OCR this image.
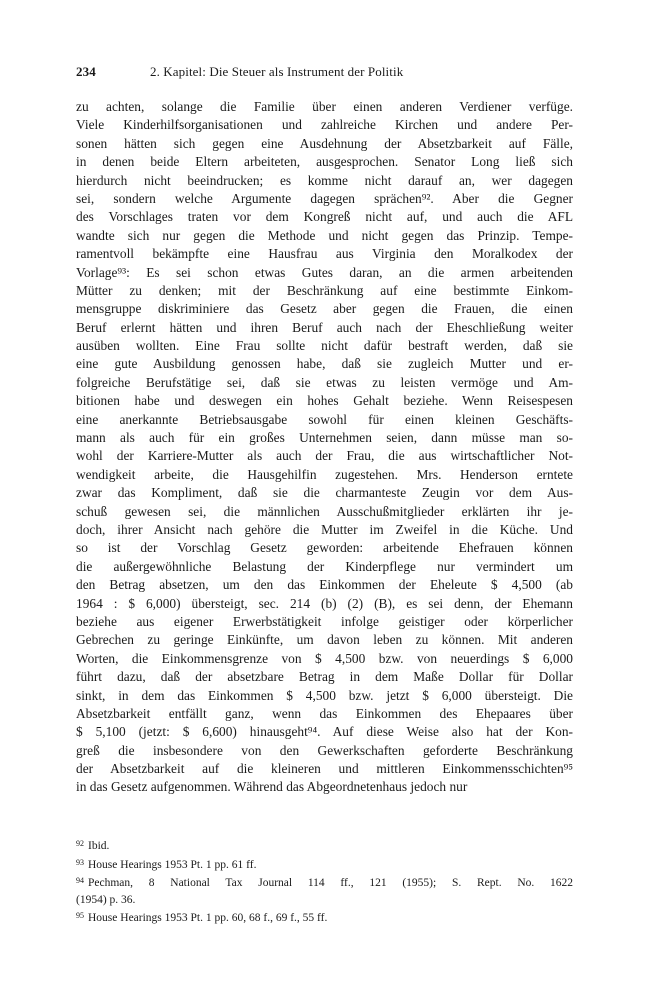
234	2. Kapitel: Die Steuer als Instrument der Politik
zu achten, solange die Familie über einen anderen Verdiener verfüge.
Viele Kinderhilfsorganisationen und zahlreiche Kirchen und andere Per-
sonen hätten sich gegen eine Ausdehnung der Absetzbarkeit auf Fälle,
in denen beide Eltern arbeiteten, ausgesprochen. Senator Long ließ sich
hierdurch nicht beeindrucken; es komme nicht darauf an, wer dagegen
sei, sondern welche Argumente dagegen sprächen⁹². Aber die Gegner
des Vorschlages traten vor dem Kongreß nicht auf, und auch die AFL
wandte sich nur gegen die Methode und nicht gegen das Prinzip. Tempe-
ramentvoll bekämpfte eine Hausfrau aus Virginia den Moralkodex der
Vorlage⁹³: Es sei schon etwas Gutes daran, an die armen arbeitenden
Mütter zu denken; mit der Beschränkung auf eine bestimmte Einkom-
mensgruppe diskriminiere das Gesetz aber gegen die Frauen, die einen
Beruf erlernt hätten und ihren Beruf auch nach der Eheschließung weiter
ausüben wollten. Eine Frau sollte nicht dafür bestraft werden, daß sie
eine gute Ausbildung genossen habe, daß sie zugleich Mutter und er-
folgreiche Berufstätige sei, daß sie etwas zu leisten vermöge und Am-
bitionen habe und deswegen ein hohes Gehalt beziehe. Wenn Reisespesen
eine anerkannte Betriebsausgabe sowohl für einen kleinen Geschäfts-
mann als auch für ein großes Unternehmen seien, dann müsse man so-
wohl der Karriere-Mutter als auch der Frau, die aus wirtschaftlicher Not-
wendigkeit arbeite, die Hausgehilfin zugestehen. Mrs. Henderson erntete
zwar das Kompliment, daß sie die charmanteste Zeugin vor dem Aus-
schuß gewesen sei, die männlichen Ausschußmitglieder erklärten ihr je-
doch, ihrer Ansicht nach gehöre die Mutter im Zweifel in die Küche. Und
so ist der Vorschlag Gesetz geworden: arbeitende Ehefrauen können
die außergewöhnliche Belastung der Kinderpflege nur vermindert um
den Betrag absetzen, um den das Einkommen der Eheleute $ 4,500 (ab
1964 : $ 6,000) übersteigt, sec. 214 (b) (2) (B), es sei denn, der Ehemann
beziehe aus eigener Erwerbstätigkeit infolge geistiger oder körperlicher
Gebrechen zu geringe Einkünfte, um davon leben zu können. Mit anderen
Worten, die Einkommensgrenze von $ 4,500 bzw. von neuerdings $ 6,000
führt dazu, daß der absetzbare Betrag in dem Maße Dollar für Dollar
sinkt, in dem das Einkommen $ 4,500 bzw. jetzt $ 6,000 übersteigt. Die
Absetzbarkeit entfällt ganz, wenn das Einkommen des Ehepaares über
$ 5,100 (jetzt: $ 6,600) hinausgeht⁹⁴. Auf diese Weise also hat der Kon-
greß die insbesondere von den Gewerkschaften geforderte Beschränkung
der Absetzbarkeit auf die kleineren und mittleren Einkommensschichten⁹⁵
in das Gesetz aufgenommen. Während das Abgeordnetenhaus jedoch nur
$^{92}$ Ibid.
$^{93}$ House Hearings 1953 Pt. 1 pp. 61 ff.
$^{94}$ Pechman, 8 National Tax Journal 114 ff., 121 (1955); S. Rept. No. 1622
(1954) p. 36.
$^{95}$ House Hearings 1953 Pt. 1 pp. 60, 68 f., 69 f., 55 ff.
